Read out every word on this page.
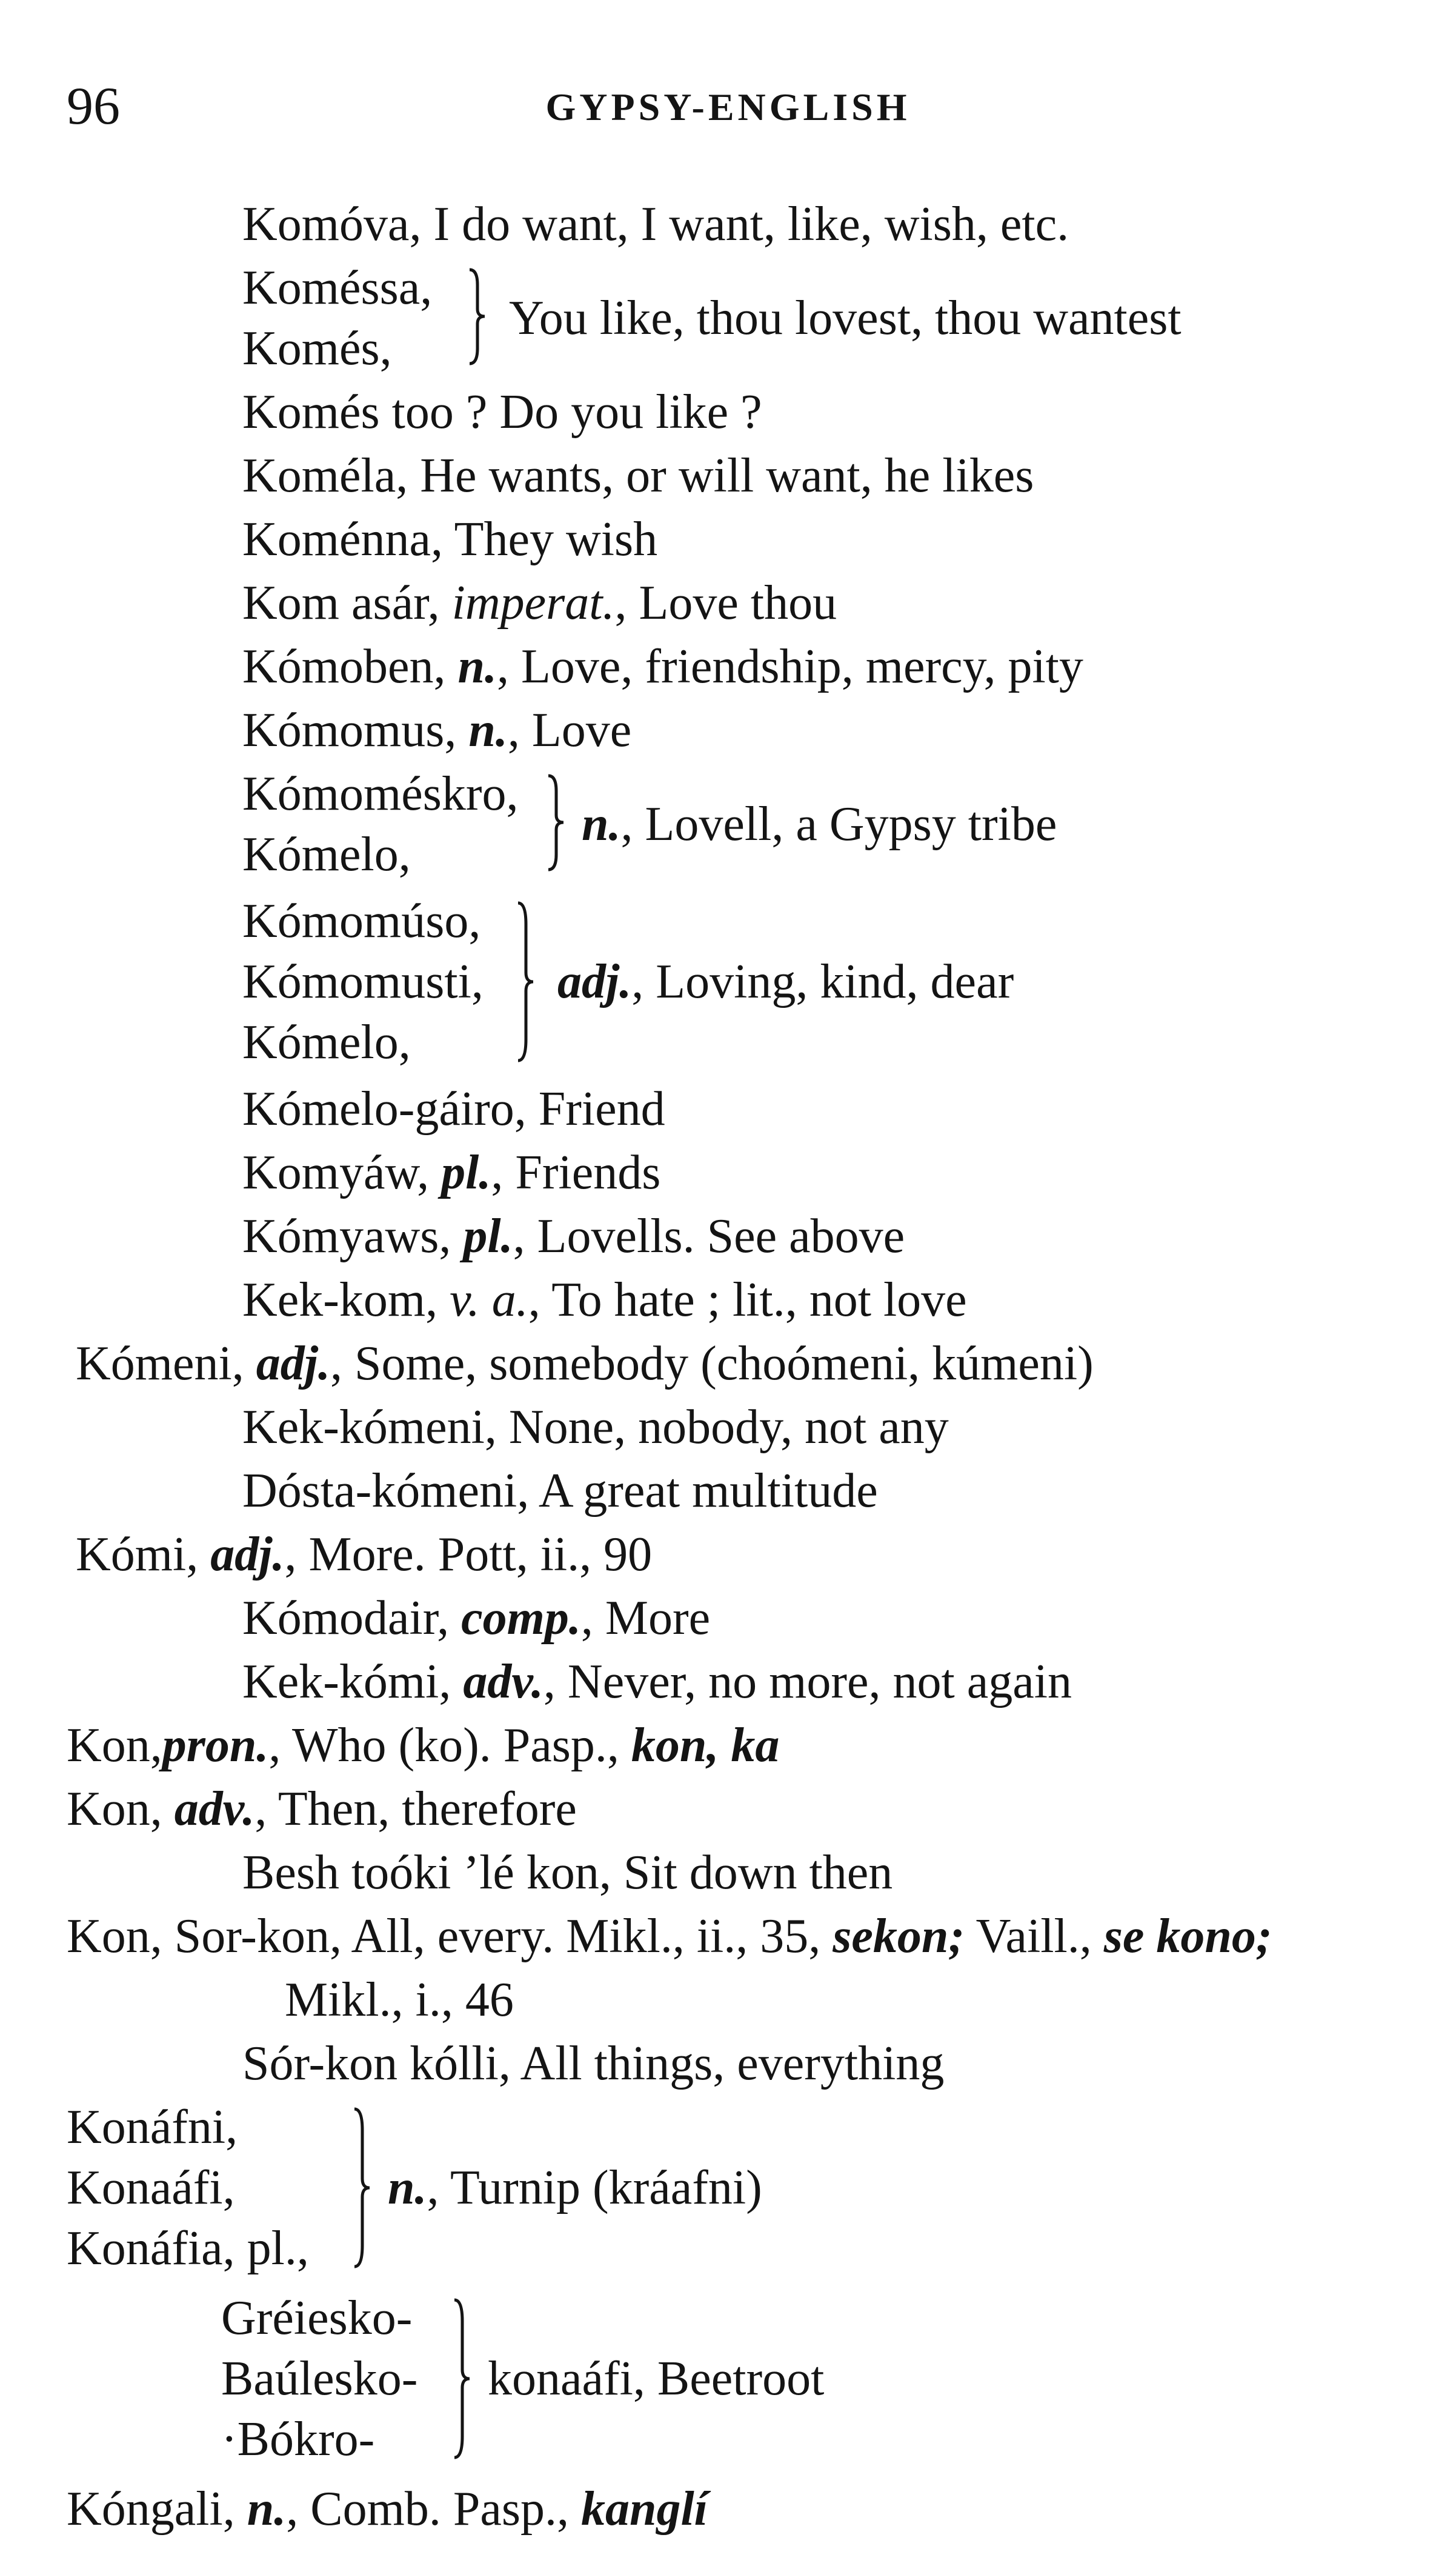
96	GYPSY-ENGLISH
Komóva, I do want, I want, like, wish, etc.
Koméssa,
Komés,
You like, thou lovest, thou wantest
Komés too ? Do you like ?
Koméla, He wants, or will want, he likes
Koménna, They wish
Kom asár, imperat., Love thou
Kómoben, n., Love, friendship, mercy, pity
Kómomus, n., Love
Kómoméskro,
Kómelo,
n., Lovell, a Gypsy tribe
Kómomúso,
Kómomusti,
Kómelo,
adj., Loving, kind, dear
Kómelo-gáiro, Friend
Komyáw, pl., Friends
Kómyaws, pl., Lovells. See above
Kek-kom, v. a., To hate ; lit., not love
Kómeni, adj., Some, somebody (choómeni, kúmeni)
Kek-kómeni, None, nobody, not any
Dósta-kómeni, A great multitude
Kómi, adj., More. Pott, ii., 90
Kómodair, comp., More
Kek-kómi, adv., Never, no more, not again
Kon,pron., Who (ko). Pasp., kon, ka
Kon, adv., Then, therefore
Besh toóki ’lé kon, Sit down then
Kon, Sor-kon, All, every. Mikl., ii., 35, sekon; Vaill., se kono;
Mikl., i., 46
Sór-kon kólli, All things, everything
Konáfni,
Konaáfi,
Konáfia, pl.,
n., Turnip (kráafni)
Gréiesko-
Baúlesko-
·Bókro-
konaáfi, Beetroot
Kóngali, n., Comb. Pasp., kanglí
